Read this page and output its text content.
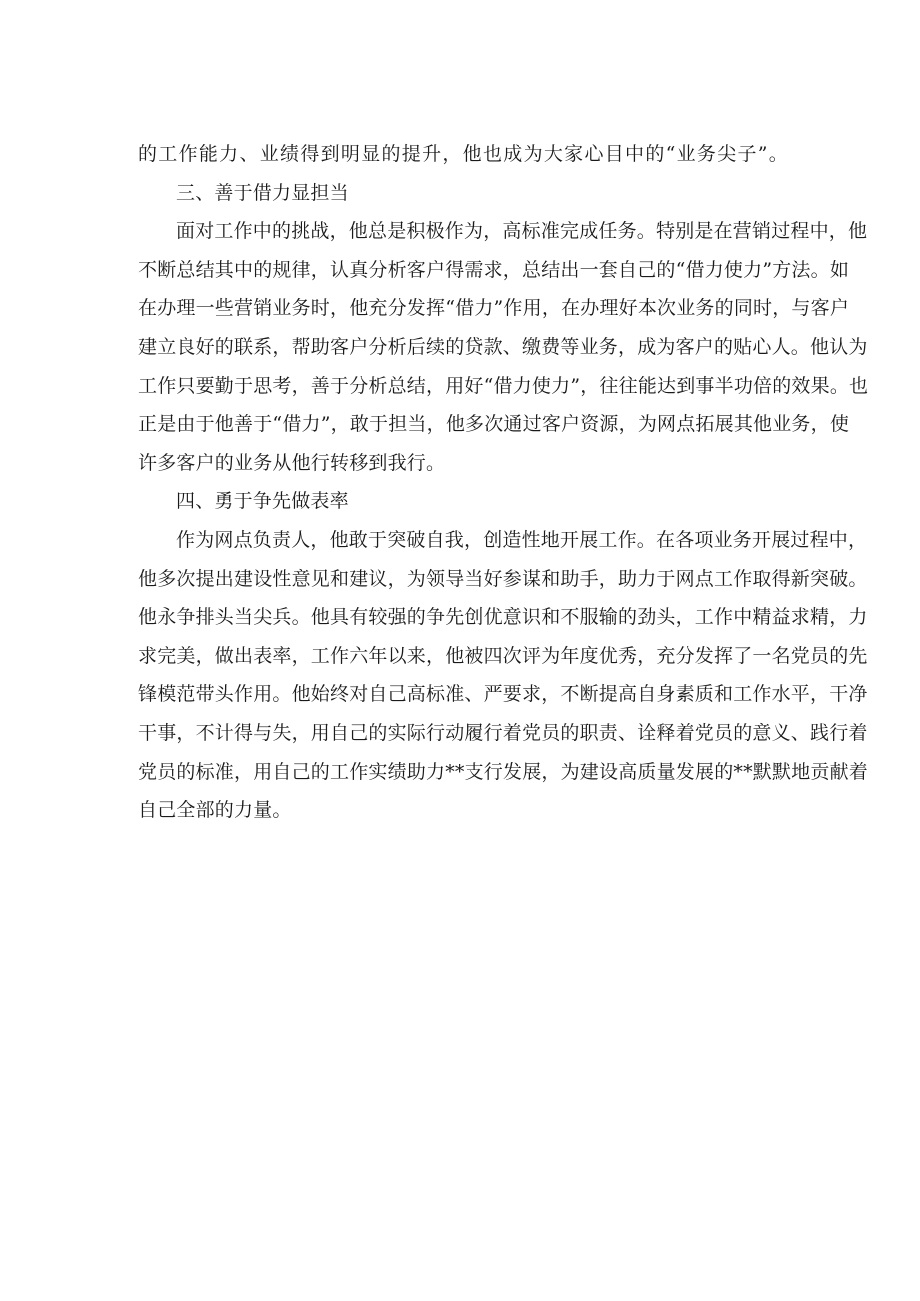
的工作能力、业绩得到明显的提升，他也成为大家心目中的“业务尖子”。
三、善于借力显担当
面对工作中的挑战，他总是积极作为，高标准完成任务。特别是在营销过程中，他
不断总结其中的规律，认真分析客户得需求，总结出一套自己的“借力使力”方法。如
在办理一些营销业务时，他充分发挥“借力”作用，在办理好本次业务的同时，与客户
建立良好的联系，帮助客户分析后续的贷款、缴费等业务，成为客户的贴心人。他认为
工作只要勤于思考，善于分析总结，用好“借力使力”，往往能达到事半功倍的效果。也
正是由于他善于“借力”，敢于担当，他多次通过客户资源，为网点拓展其他业务，使
许多客户的业务从他行转移到我行。
四、勇于争先做表率
作为网点负责人，他敢于突破自我，创造性地开展工作。在各项业务开展过程中，
他多次提出建设性意见和建议，为领导当好参谋和助手，助力于网点工作取得新突破。
他永争排头当尖兵。他具有较强的争先创优意识和不服输的劲头，工作中精益求精，力
求完美，做出表率，工作六年以来，他被四次评为年度优秀，充分发挥了一名党员的先
锋模范带头作用。他始终对自己高标准、严要求，不断提高自身素质和工作水平，干净
干事，不计得与失，用自己的实际行动履行着党员的职责、诠释着党员的意义、践行着
党员的标准，用自己的工作实绩助力**支行发展，为建设高质量发展的**默默地贡献着
自己全部的力量。
